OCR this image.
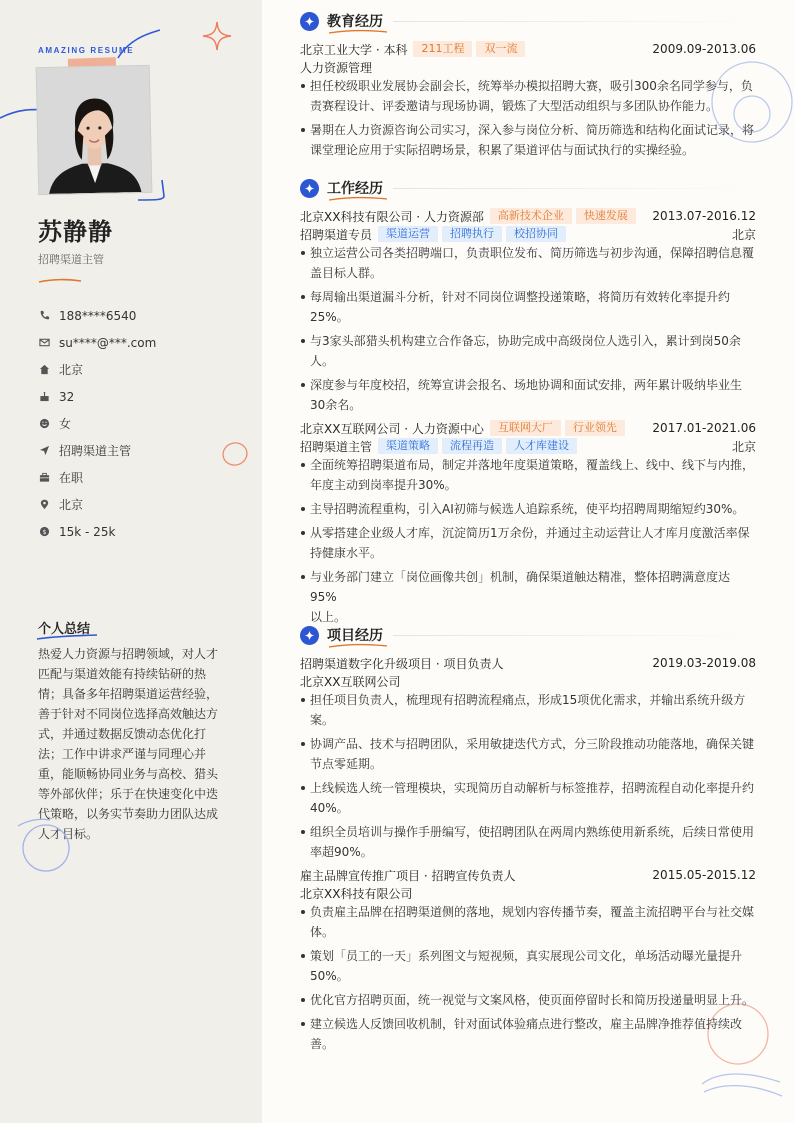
AMAZING RESUME
苏静静
招聘渠道主管
188****6540
su****@***.com
北京
32
女
招聘渠道主管
在职
北京
$ 15k - 25k
个人总结
热爱人力资源与招聘领域，对人才
匹配与渠道效能有持续钻研的热
情；具备多年招聘渠道运营经验，
善于针对不同岗位选择高效触达方
式，并通过数据反馈动态优化打
法；工作中讲求严谨与同理心并
重，能顺畅协同业务与高校、猎头
等外部伙伴；乐于在快速变化中迭
代策略，以务实节奏助力团队达成
人才目标。
教育经历
北京工业大学 · 本科	211工程	双一流	2009.09-2013.06
人力资源管理
担任校级职业发展协会副会长，统筹举办模拟招聘大赛，吸引300余名同学参与，负
责赛程设计、评委邀请与现场协调，锻炼了大型活动组织与多团队协作能力。
暑期在人力资源咨询公司实习，深入参与岗位分析、简历筛选和结构化面试记录，将
课堂理论应用于实际招聘场景，积累了渠道评估与面试执行的实操经验。
工作经历
北京XX科技有限公司 · 人力资源部	高新技术企业	快速发展	2013.07-2016.12
招聘渠道专员	渠道运营	招聘执行	校招协同	北京
独立运营公司各类招聘端口，负责职位发布、简历筛选与初步沟通，保障招聘信息覆
盖目标人群。
每周输出渠道漏斗分析，针对不同岗位调整投递策略，将简历有效转化率提升约
25%。
与3家头部猎头机构建立合作备忘，协助完成中高级岗位人选引入，累计到岗50余
人。
深度参与年度校招，统筹宣讲会报名、场地协调和面试安排，两年累计吸纳毕业生
30余名。
北京XX互联网公司 · 人力资源中心	互联网大厂	行业领先	2017.01-2021.06
招聘渠道主管	渠道策略	流程再造	人才库建设	北京
全面统筹招聘渠道布局，制定并落地年度渠道策略，覆盖线上、线中、线下与内推，
年度主动到岗率提升30%。
主导招聘流程重构，引入AI初筛与候选人追踪系统，使平均招聘周期缩短约30%。
从零搭建企业级人才库，沉淀简历1万余份，并通过主动运营让人才库月度激活率保
持健康水平。
与业务部门建立「岗位画像共创」机制，确保渠道触达精准，整体招聘满意度达95%
以上。
项目经历
招聘渠道数字化升级项目 · 项目负责人	2019.03-2019.08
北京XX互联网公司
担任项目负责人，梳理现有招聘流程痛点，形成15项优化需求，并输出系统升级方
案。
协调产品、技术与招聘团队，采用敏捷迭代方式，分三阶段推动功能落地，确保关键
节点零延期。
上线候选人统一管理模块，实现简历自动解析与标签推荐，招聘流程自动化率提升约
40%。
组织全员培训与操作手册编写，使招聘团队在两周内熟练使用新系统，后续日常使用
率超90%。
雇主品牌宣传推广项目 · 招聘宣传负责人	2015.05-2015.12
北京XX科技有限公司
负责雇主品牌在招聘渠道侧的落地，规划内容传播节奏，覆盖主流招聘平台与社交媒
体。
策划「员工的一天」系列图文与短视频，真实展现公司文化，单场活动曝光量提升
50%。
优化官方招聘页面，统一视觉与文案风格，使页面停留时长和简历投递量明显上升。
建立候选人反馈回收机制，针对面试体验痛点进行整改，雇主品牌净推荐值持续改
善。
